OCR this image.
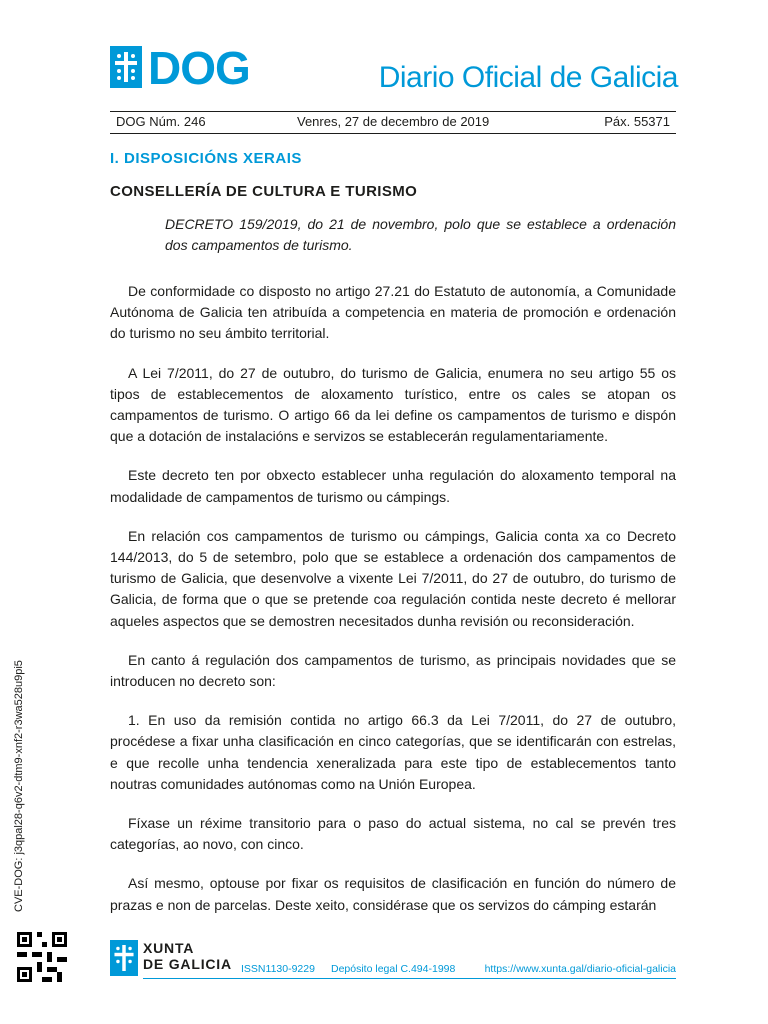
DOG	Diario Oficial de Galicia
DOG Núm. 246	Venres, 27 de decembro de 2019	Páx. 55371
I. DISPOSICIÓNS XERAIS
CONSELLERÍA DE CULTURA E TURISMO

DECRETO 159/2019, do 21 de novembro, polo que se establece a ordenación dos campamentos de turismo.

De conformidade co disposto no artigo 27.21 do Estatuto de autonomía, a Comunidade Autónoma de Galicia ten atribuída a competencia en materia de promoción e ordenación do turismo no seu ámbito territorial.

A Lei 7/2011, do 27 de outubro, do turismo de Galicia, enumera no seu artigo 55 os tipos de establecementos de aloxamento turístico, entre os cales se atopan os campamentos de turismo. O artigo 66 da lei define os campamentos de turismo e dispón que a dotación de instalacións e servizos se establecerán regulamentariamente.

Este decreto ten por obxecto establecer unha regulación do aloxamento temporal na modalidade de campamentos de turismo ou cámpings.

En relación cos campamentos de turismo ou cámpings, Galicia conta xa co Decreto 144/2013, do 5 de setembro, polo que se establece a ordenación dos campamentos de turismo de Galicia, que desenvolve a vixente Lei 7/2011, do 27 de outubro, do turismo de Galicia, de forma que o que se pretende coa regulación contida neste decreto é mellorar aqueles aspectos que se demostren necesitados dunha revisión ou reconsideración.

En canto á regulación dos campamentos de turismo, as principais novidades que se introducen no decreto son:

1. En uso da remisión contida no artigo 66.3 da Lei 7/2011, do 27 de outubro, procédese a fixar unha clasificación en cinco categorías, que se identificarán con estrelas, e que recolle unha tendencia xeneralizada para este tipo de establecementos tanto noutras comunidades autónomas como na Unión Europea.

Fíxase un réxime transitorio para o paso do actual sistema, no cal se prevén tres categorías, ao novo, con cinco.

Así mesmo, optouse por fixar os requisitos de clasificación en función do número de prazas e non de parcelas. Deste xeito, considérase que os servizos do cámping estarán

CVE-DOG: j3qpal28-q6v2-dtm9-xnf2-r3wa528u9pi5
XUNTA
DE GALICIA ISSN1130-9229 Depósito legal C.494-1998	https://www.xunta.gal/diario-oficial-galicia
